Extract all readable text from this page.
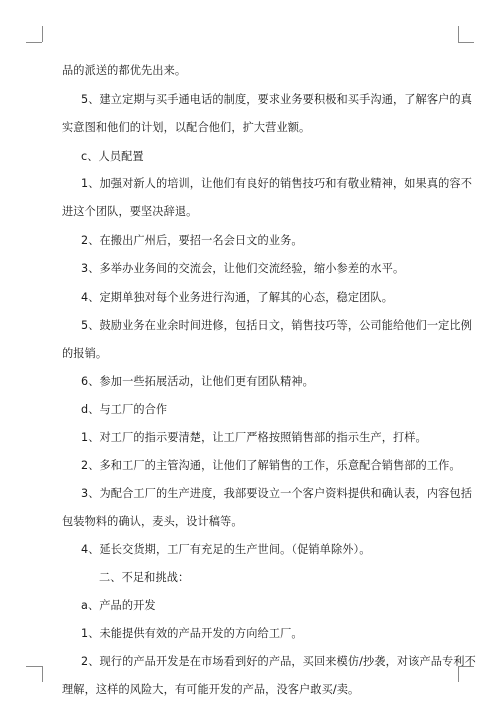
品的派送的都优先出来。
5、建立定期与买手通电话的制度，要求业务要积极和买手沟通，了解客户的真
实意图和他们的计划，以配合他们，扩大营业额。
c、人员配置
1、加强对新人的培训，让他们有良好的销售技巧和有敬业精神，如果真的容不
进这个团队，要坚决辞退。
2、在搬出广州后，要招一名会日文的业务。
3、多举办业务间的交流会，让他们交流经验，缩小参差的水平。
4、定期单独对每个业务进行沟通，了解其的心态，稳定团队。
5、鼓励业务在业余时间进修，包括日文，销售技巧等，公司能给他们一定比例
的报销。
6、参加一些拓展活动，让他们更有团队精神。
d、与工厂的合作
1、对工厂的指示要清楚，让工厂严格按照销售部的指示生产，打样。
2、多和工厂的主管沟通，让他们了解销售的工作，乐意配合销售部的工作。
3、为配合工厂的生产进度，我部要设立一个客户资料提供和确认表，内容包括
包装物料的确认，麦头，设计稿等。
4、延长交货期，工厂有充足的生产世间。（促销单除外）。
二、不足和挑战：
a、产品的开发
1、未能提供有效的产品开发的方向给工厂。
2、现行的产品开发是在市场看到好的产品，买回来模仿/抄袭，对该产品专利不
理解，这样的风险大，有可能开发的产品，没客户敢买/卖。
